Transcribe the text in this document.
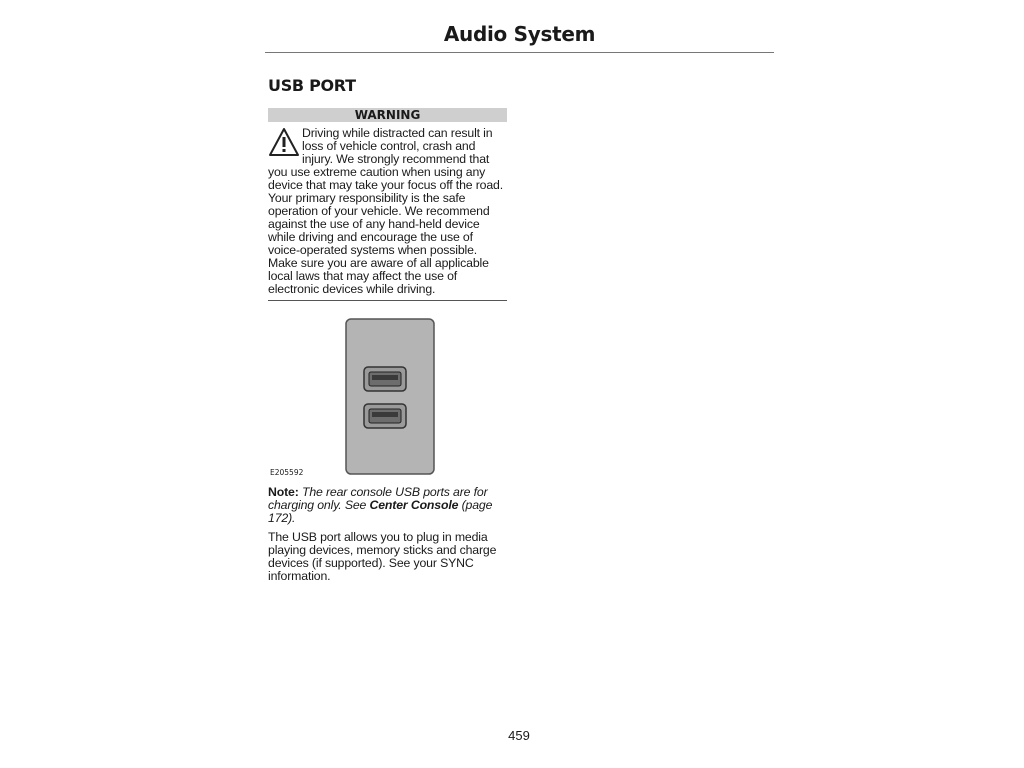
Audio System
USB PORT
WARNING
Driving while distracted can result in loss of vehicle control, crash and injury. We strongly recommend that you use extreme caution when using any device that may take your focus off the road. Your primary responsibility is the safe operation of your vehicle. We recommend against the use of any hand-held device while driving and encourage the use of voice-operated systems when possible. Make sure you are aware of all applicable local laws that may affect the use of electronic devices while driving.
E205592
Note: The rear console USB ports are for charging only. See Center Console (page 172).
The USB port allows you to plug in media playing devices, memory sticks and charge devices (if supported). See your SYNC information.
459
